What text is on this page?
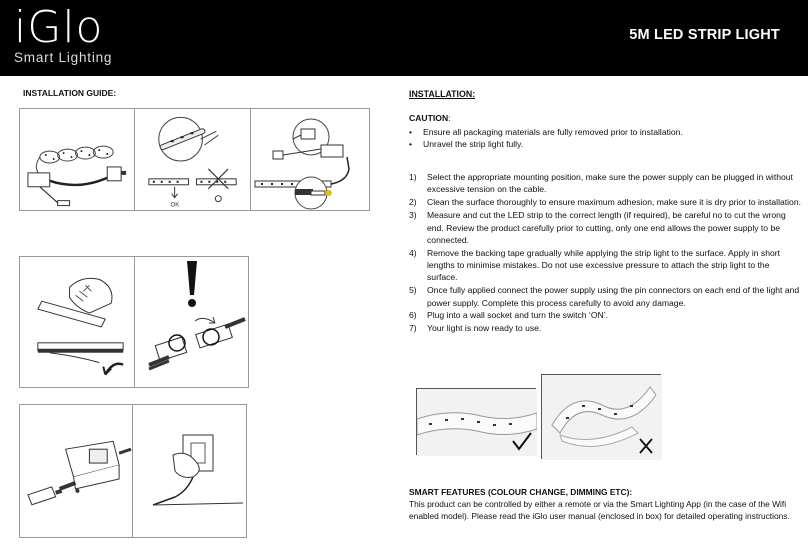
iGlo
Smart Lighting
5M LED STRIP LIGHT
INSTALLATION GUIDE:
OK
INSTALLATION:
CAUTION:
• Ensure all packaging materials are fully removed prior to installation.
• Unravel the strip light fully.
1)	Select the appropriate mounting position, make sure the power supply can be plugged in without excessive tension on the cable.
2)	Clean the surface thoroughly to ensure maximum adhesion, make sure it is dry prior to installation.
3)	Measure and cut the LED strip to the correct length (if required), be careful no to cut the wrong end. Review the product carefully prior to cutting, only one end allows the power supply to be connected.
4)	Remove the backing tape gradually while applying the strip light to the surface. Apply in short lengths to minimise mistakes. Do not use excessive pressure to attach the strip light to the surface.
5)	Once fully applied connect the power supply using the pin connectors on each end of the light and power supply. Complete this process carefully to avoid any damage.
6)	Plug into a wall socket and turn the switch ‘ON’.
7)	Your light is now ready to use.
SMART FEATURES (COLOUR CHANGE, DIMMING ETC):
This product can be controlled by either a remote or via the Smart Lighting App (in the case of the Wifi enabled model). Please read the iGlo user manual (enclosed in box) for detailed operating instructions.
